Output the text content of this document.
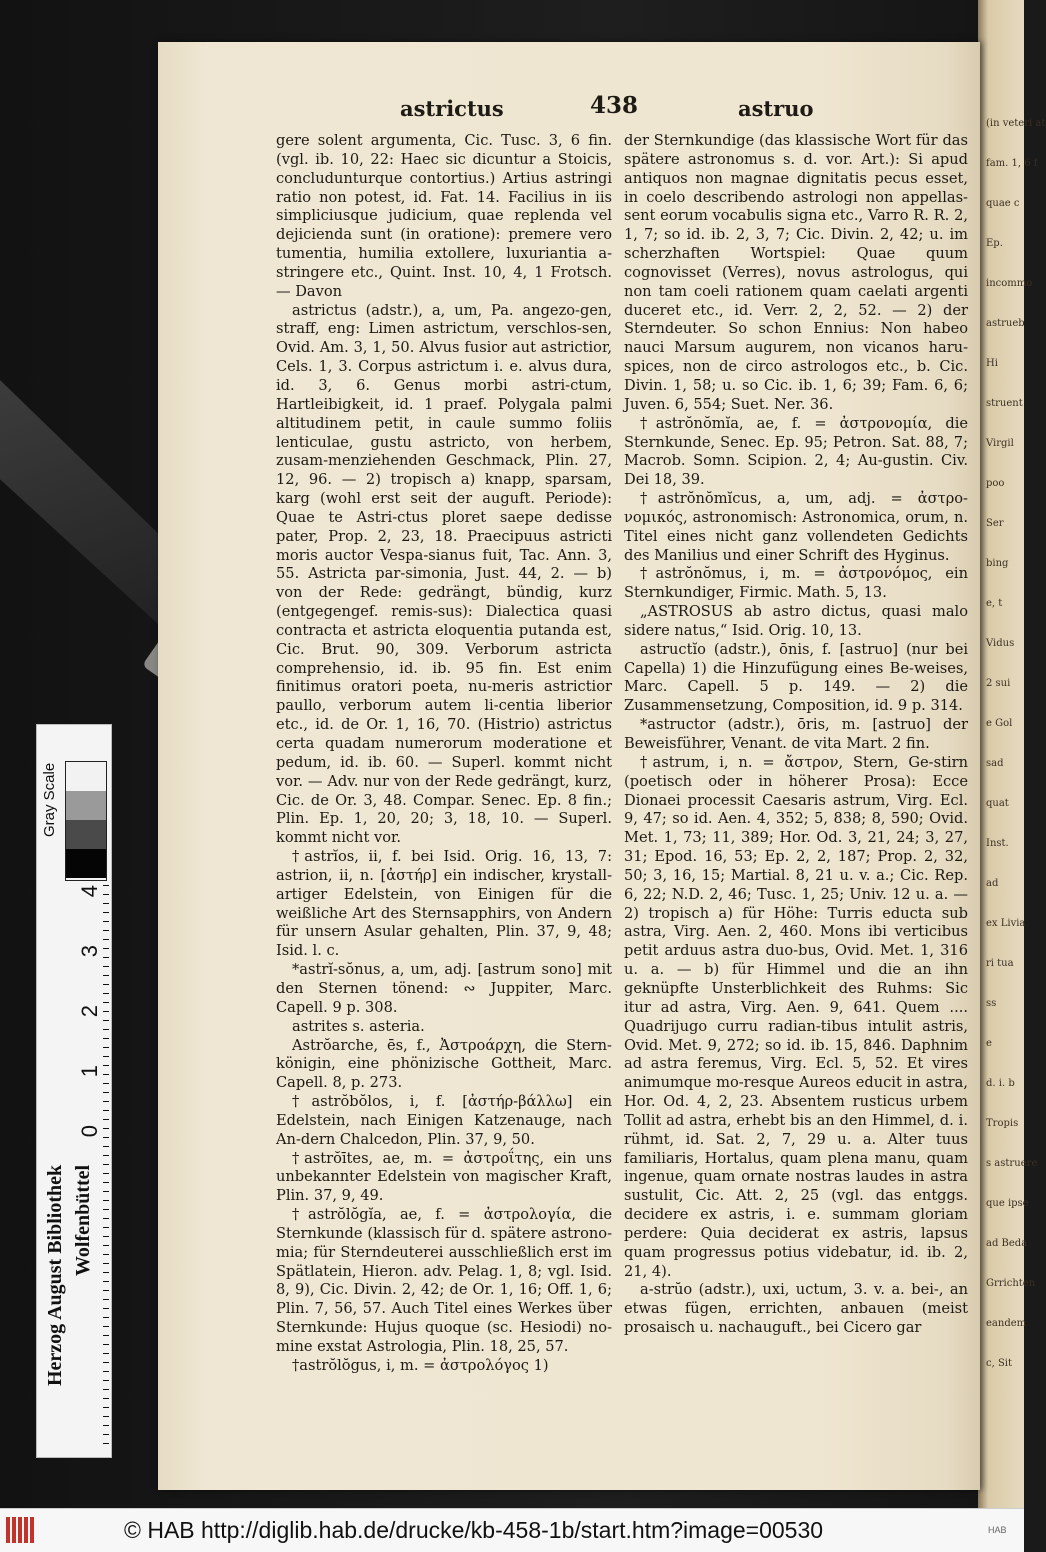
(in veteri at
fam. 1, 6 f
quae c
Ep.
incommo
astrueb
Hi
struent
Virgil
poo
Ser
bing
e, t
Vidus
2 sui
e Gol
sad
quat
Inst.
ad
ex Livia
ri tua
ss
e
d. i. b
Tropis
s astruere
que ipse
ad Beda
Grrichten
eandem
c, Sit
astrictus	438	astruo

gere solent argumenta, Cic. Tusc. 3, 6 fin. (vgl. ib. 10, 22: Haec sic dicuntur a Stoicis, concludunturque contortius.) Artius astringi ratio non potest, id. Fat. 14. Facilius in iis simpliciusque judicium, quae replenda vel dejicienda sunt (in oratione): premere vero tumentia, humilia extollere, luxuriantia a-stringere etc., Quint. Inst. 10, 4, 1 Frotsch. — Davon

astrictus (adstr.), a, um, Pa. angezo-gen, straff, eng: Limen astrictum, verschlos-sen, Ovid. Am. 3, 1, 50. Alvus fusior aut astrictior, Cels. 1, 3. Corpus astrictum i. e. alvus dura, id. 3, 6. Genus morbi astri-ctum, Hartleibigkeit, id. 1 praef. Polygala palmi altitudinem petit, in caule summo foliis lenticulae, gustu astricto, von herbem, zusam-menziehenden Geschmack, Plin. 27, 12, 96. — 2) tropisch a) knapp, sparsam, karg (wohl erst seit der auguft. Periode): Quae te Astri-ctus ploret saepe dedisse pater, Prop. 2, 23, 18. Praecipuus astricti moris auctor Vespa-sianus fuit, Tac. Ann. 3, 55. Astricta par-simonia, Just. 44, 2. — b) von der Rede: gedrängt, bündig, kurz (entgegengef. remis-sus): Dialectica quasi contracta et astricta eloquentia putanda est, Cic. Brut. 90, 309. Verborum astricta comprehensio, id. ib. 95 fin. Est enim finitimus oratori poeta, nu-meris astrictior paullo, verborum autem li-centia liberior etc., id. de Or. 1, 16, 70. (Histrio) astrictus certa quadam numerorum moderatione et pedum, id. ib. 60. — Superl. kommt nicht vor. — Adv. nur von der Rede gedrängt, kurz, Cic. de Or. 3, 48. Compar. Senec. Ep. 8 fin.; Plin. Ep. 1, 20, 20; 3, 18, 10. — Superl. kommt nicht vor.

†astrĭos, ii, f. bei Isid. Orig. 16, 13, 7: astrion, ii, n. [ἀστήρ] ein indischer, krystall-artiger Edelstein, von Einigen für die weißliche Art des Sternsapphirs, von Andern für unsern Asular gehalten, Plin. 37, 9, 48; Isid. l. c.

*astrĭ-sŏnus, a, um, adj. [astrum sono] mit den Sternen tönend: ∾ Juppiter, Marc. Capell. 9 p. 308.

astrites s. asteria.

Astrŏarche, ēs, f., Ἀστροάρχη, die Stern-königin, eine phönizische Gottheit, Marc. Capell. 8, p. 273.

†astrŏbŏlos, i, f. [ἀστήρ-βάλλω] ein Edelstein, nach Einigen Katzenauge, nach An-dern Chalcedon, Plin. 37, 9, 50.

†astrŏītes, ae, m. = ἀστροΐτης, ein uns unbekannter Edelstein von magischer Kraft, Plin. 37, 9, 49.

†astrŏlŏgĭa, ae, f. = ἀστρολογία, die Sternkunde (klassisch für d. spätere astrono-mia; für Sterndeuterei ausschließlich erst im Spätlatein, Hieron. adv. Pelag. 1, 8; vgl. Isid. 8, 9), Cic. Divin. 2, 42; de Or. 1, 16; Off. 1, 6; Plin. 7, 56, 57. Auch Titel eines Werkes über Sternkunde: Hujus quoque (sc. Hesiodi) no-mine exstat Astrologia, Plin. 18, 25, 57.

†astrŏlŏgus, i, m. = ἀστρολόγος 1)

der Sternkundige (das klassische Wort für das spätere astronomus s. d. vor. Art.): Si apud antiquos non magnae dignitatis pecus esset, in coelo describendo astrologi non appellas-sent eorum vocabulis signa etc., Varro R. R. 2, 1, 7; so id. ib. 2, 3, 7; Cic. Divin. 2, 42; u. im scherzhaften Wortspiel: Quae quum cognovisset (Verres), novus astrologus, qui non tam coeli rationem quam caelati argenti duceret etc., id. Verr. 2, 2, 52. — 2) der Sterndeuter. So schon Ennius: Non habeo nauci Marsum augurem, non vicanos haru-spices, non de circo astrologos etc., b. Cic. Divin. 1, 58; u. so Cic. ib. 1, 6; 39; Fam. 6, 6; Juven. 6, 554; Suet. Ner. 36.

†astrŏnŏmĭa, ae, f. = ἀστρονομία, die Sternkunde, Senec. Ep. 95; Petron. Sat. 88, 7; Macrob. Somn. Scipion. 2, 4; Au-gustin. Civ. Dei 18, 39.

†astrŏnŏmĭcus, a, um, adj. = ἀστρο-νομικός, astronomisch: Astronomica, orum, n. Titel eines nicht ganz vollendeten Gedichts des Manilius und einer Schrift des Hyginus.

†astrŏnŏmus, i, m. = ἀστρονόμος, ein Sternkundiger, Firmic. Math. 5, 13.

„ASTROSUS ab astro dictus, quasi malo sidere natus,“ Isid. Orig. 10, 13.

astructĭo (adstr.), ōnis, f. [astruo] (nur bei Capella) 1) die Hinzufügung eines Be-weises, Marc. Capell. 5 p. 149. — 2) die Zusammensetzung, Composition, id. 9 p. 314.

*astructor (adstr.), ōris, m. [astruo] der Beweisführer, Venant. de vita Mart. 2 fin.

†astrum, i, n. = ἄστρον, Stern, Ge-stirn (poetisch oder in höherer Prosa): Ecce Dionaei processit Caesaris astrum, Virg. Ecl. 9, 47; so id. Aen. 4, 352; 5, 838; 8, 590; Ovid. Met. 1, 73; 11, 389; Hor. Od. 3, 21, 24; 3, 27, 31; Epod. 16, 53; Ep. 2, 2, 187; Prop. 2, 32, 50; 3, 16, 15; Martial. 8, 21 u. v. a.; Cic. Rep. 6, 22; N.D. 2, 46; Tusc. 1, 25; Univ. 12 u. a. — 2) tropisch a) für Höhe: Turris educta sub astra, Virg. Aen. 2, 460. Mons ibi verticibus petit arduus astra duo-bus, Ovid. Met. 1, 316 u. a. — b) für Himmel und die an ihn geknüpfte Unsterblichkeit des Ruhms: Sic itur ad astra, Virg. Aen. 9, 641. Quem .... Quadrijugo curru radian-tibus intulit astris, Ovid. Met. 9, 272; so id. ib. 15, 846. Daphnim ad astra feremus, Virg. Ecl. 5, 52. Et vires animumque mo-resque Aureos educit in astra, Hor. Od. 4, 2, 23. Absentem rusticus urbem Tollit ad astra, erhebt bis an den Himmel, d. i. rühmt, id. Sat. 2, 7, 29 u. a. Alter tuus familiaris, Hortalus, quam plena manu, quam ingenue, quam ornate nostras laudes in astra sustulit, Cic. Att. 2, 25 (vgl. das entggs. decidere ex astris, i. e. summam gloriam perdere: Quia deciderat ex astris, lapsus quam progressus potius videbatur, id. ib. 2, 21, 4).

a-strŭo (adstr.), uxi, uctum, 3. v. a. bei-, an etwas fügen, errichten, anbauen (meist prosaisch u. nachauguft., bei Cicero gar

Gray Scale
4
3
2
1
0
Herzog August Bibliothek Wolfenbüttel
© HAB http://diglib.hab.de/drucke/kb-458-1b/start.htm?image=00530	HAB
